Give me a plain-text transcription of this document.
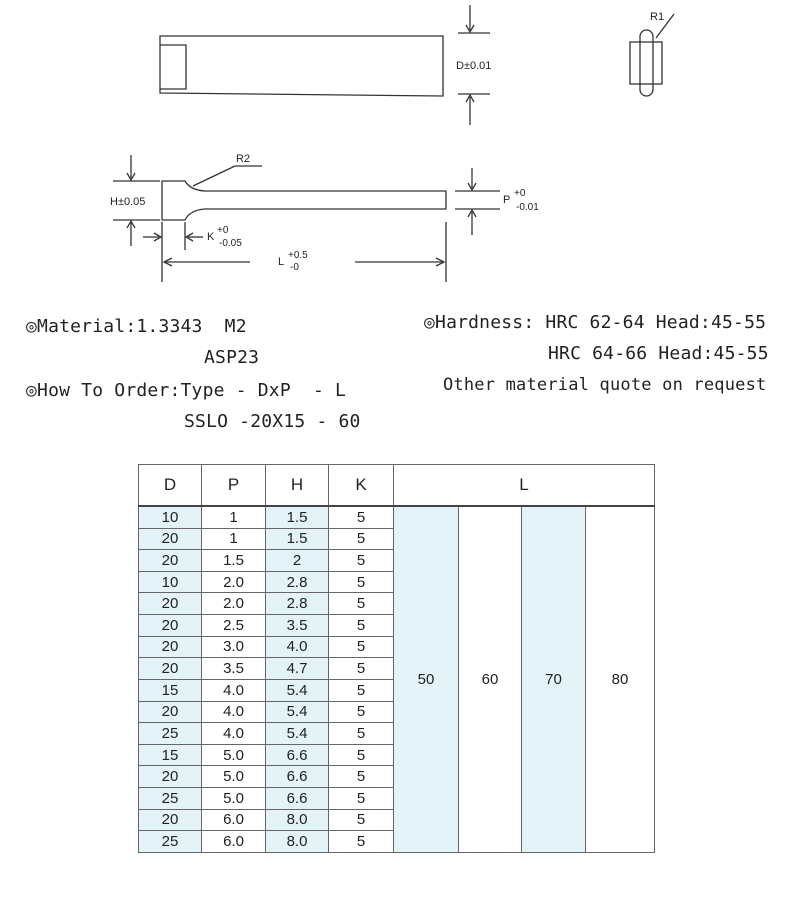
D±0.01
R1
R2
H±0.05	P
+0
-0.01
K
+0
-0.05
L
+0.5
-0
◎Material:1.3343  M2
ASP23
◎How To Order:Type - DxP  - L
SSLO -20X15 - 60
◎Hardness: HRC 62-64 Head:45-55
HRC 64-66 Head:45-55
Other material quote on request
D	P	H	K	L			
10	1	1.5	5	50	60	70	80
20	1	1.5	5				
20	1.5	2	5				
10	2.0	2.8	5				
20	2.0	2.8	5				
20	2.5	3.5	5				
20	3.0	4.0	5				
20	3.5	4.7	5				
15	4.0	5.4	5				
20	4.0	5.4	5				
25	4.0	5.4	5				
15	5.0	6.6	5				
20	5.0	6.6	5				
25	5.0	6.6	5				
20	6.0	8.0	5				
25	6.0	8.0	5				
